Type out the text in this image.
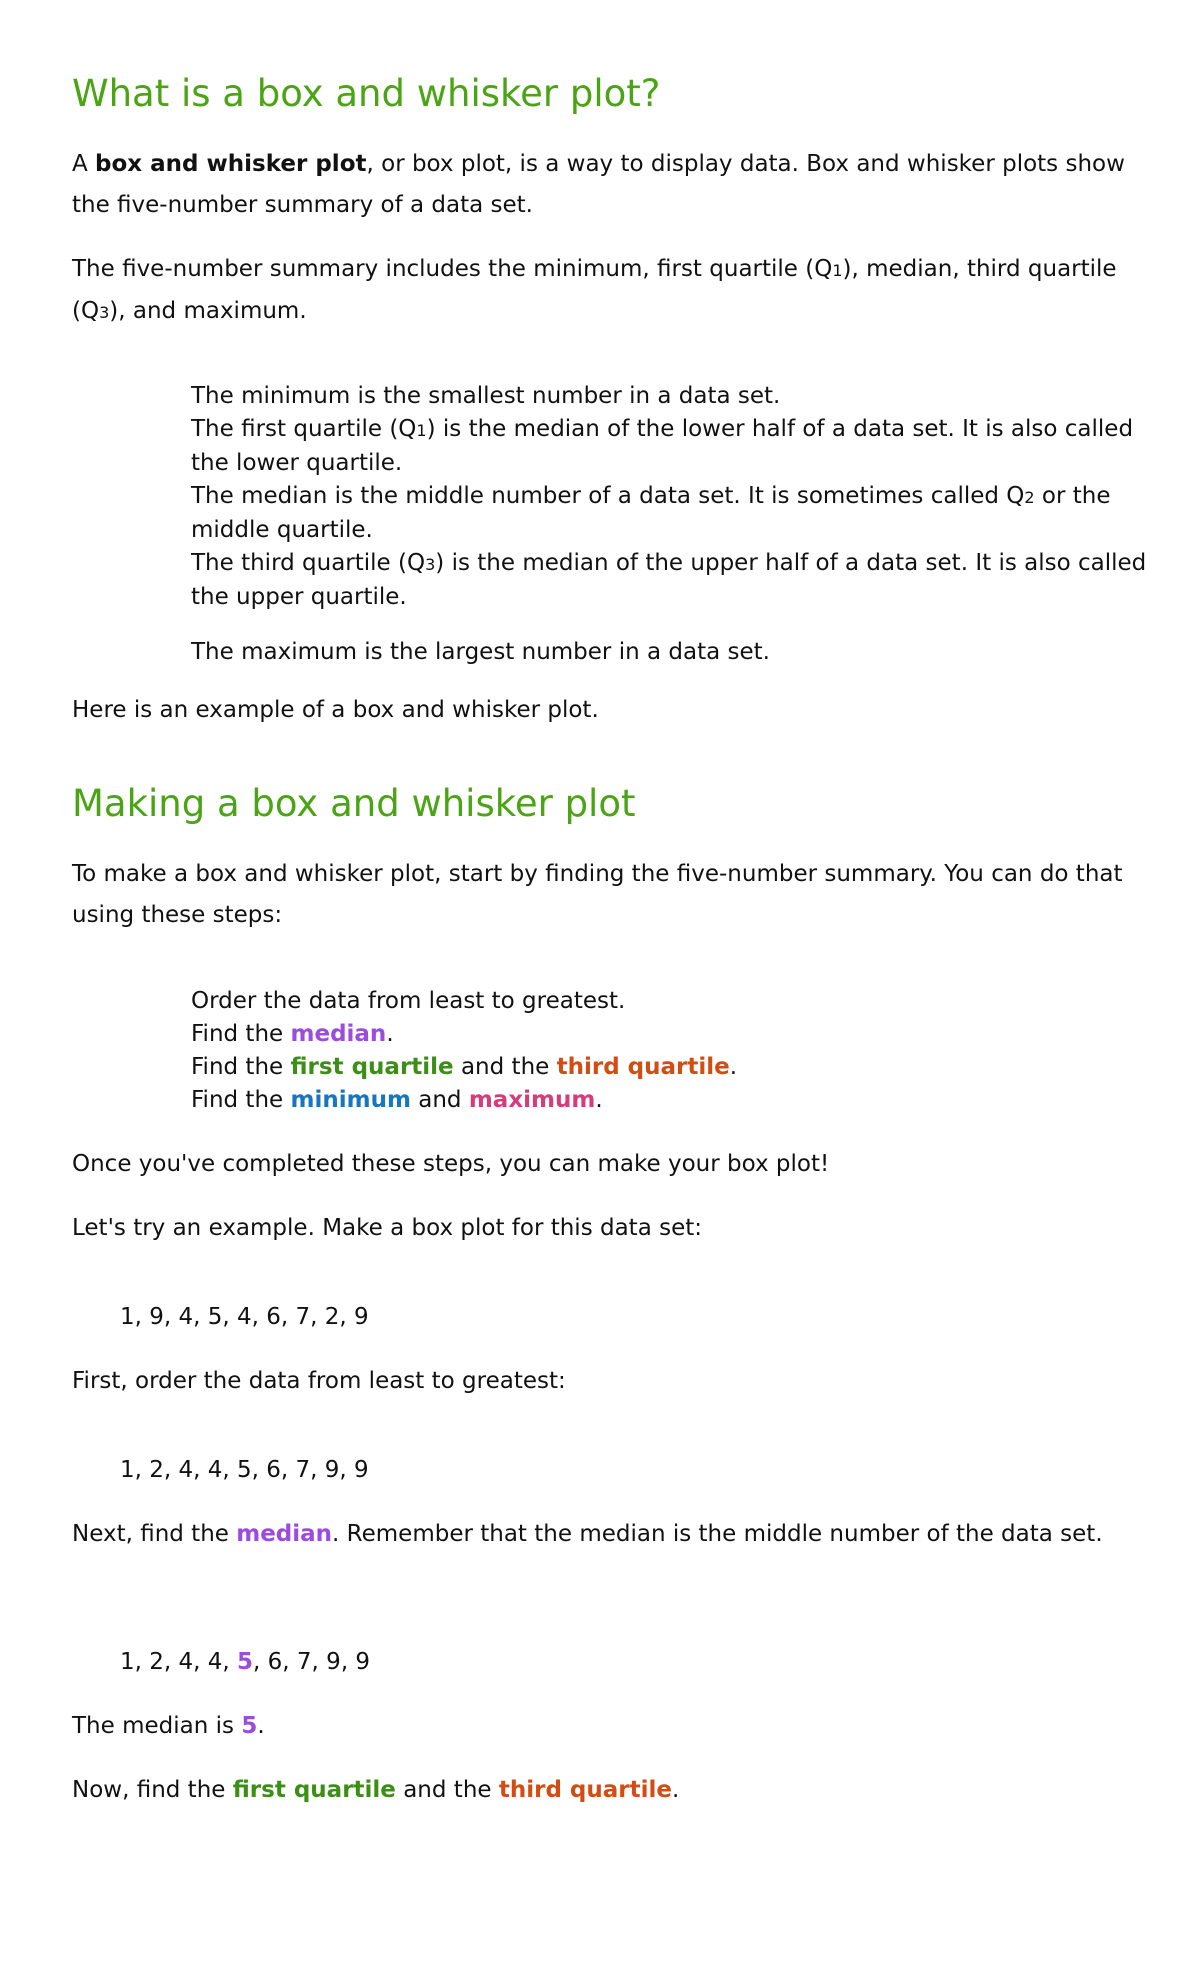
What is a box and whisker plot?

A box and whisker plot, or box plot, is a way to display data. Box and whisker plots show the five-number summary of a data set.

The five-number summary includes the minimum, first quartile (Q1), median, third quartile (Q3), and maximum.

The minimum is the smallest number in a data set.
The first quartile (Q1) is the median of the lower half of a data set. It is also called the lower quartile.
The median is the middle number of a data set. It is sometimes called Q2 or the middle quartile.
The third quartile (Q3) is the median of the upper half of a data set. It is also called the upper quartile.
The maximum is the largest number in a data set.

Here is an example of a box and whisker plot.

Making a box and whisker plot

To make a box and whisker plot, start by finding the five-number summary. You can do that using these steps:

Order the data from least to greatest.
Find the median.
Find the first quartile and the third quartile.
Find the minimum and maximum.

Once you've completed these steps, you can make your box plot!

Let's try an example. Make a box plot for this data set:

1, 9, 4, 5, 4, 6, 7, 2, 9

First, order the data from least to greatest:

1, 2, 4, 4, 5, 6, 7, 9, 9

Next, find the median. Remember that the median is the middle number of the data set.

1, 2, 4, 4, 5, 6, 7, 9, 9

The median is 5.

Now, find the first quartile and the third quartile.
